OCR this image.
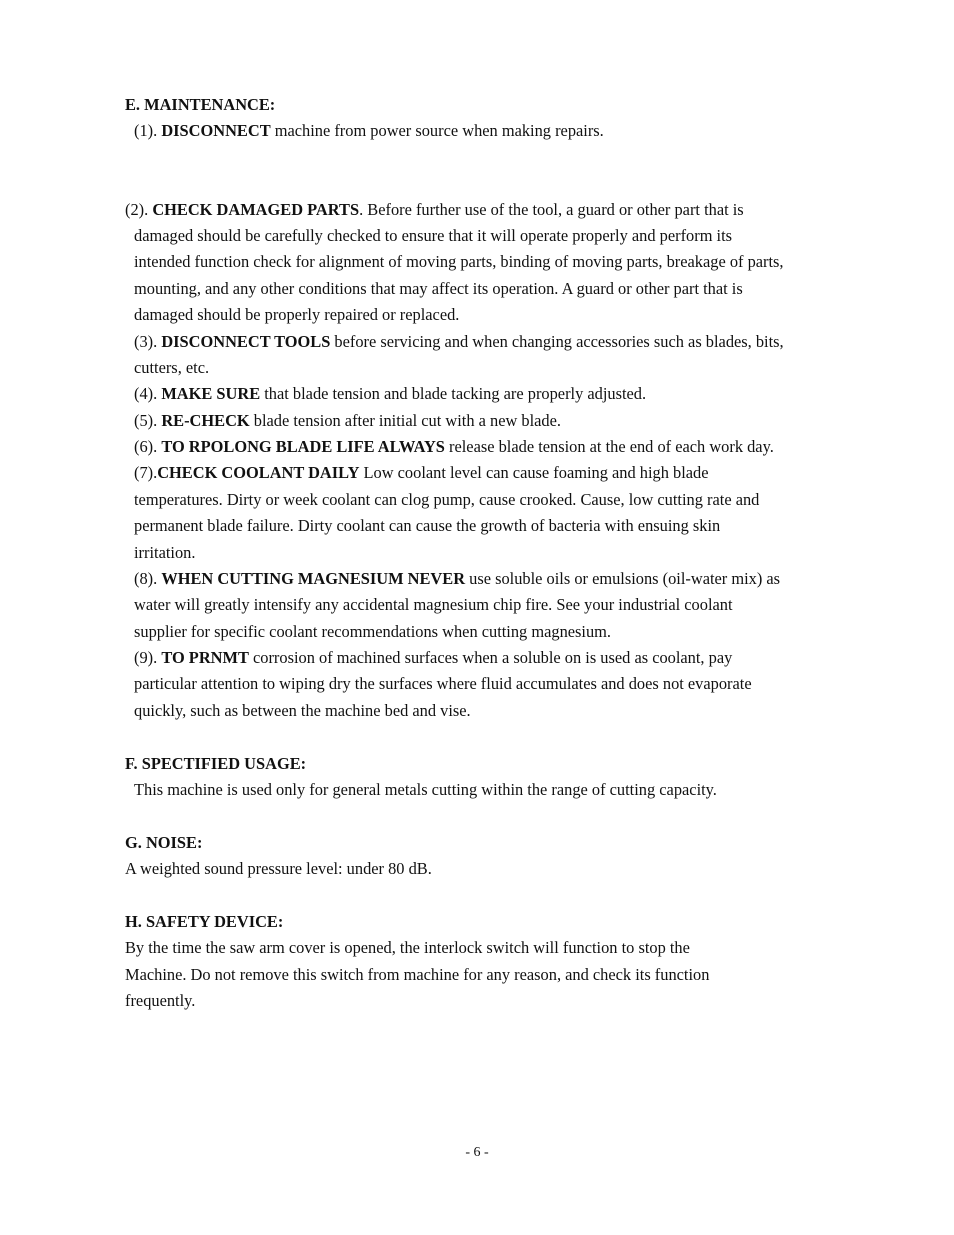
E. MAINTENANCE:
(1). DISCONNECT machine from power source when making repairs.
(2). CHECK DAMAGED PARTS. Before further use of the tool, a guard or other part that is
damaged should be carefully checked to ensure that it will operate properly and perform its
intended function check for alignment of moving parts, binding of moving parts, breakage of parts,
mounting, and any other conditions that may affect its operation. A guard or other part that is
damaged should be properly repaired or replaced.
(3). DISCONNECT TOOLS before servicing and when changing accessories such as blades, bits,
cutters, etc.
(4). MAKE SURE that blade tension and blade tacking are properly adjusted.
(5). RE-CHECK blade tension after initial cut with a new blade.
(6). TO RPOLONG BLADE LIFE ALWAYS release blade tension at the end of each work day.
(7).CHECK COOLANT DAILY Low coolant level can cause foaming and high blade
temperatures. Dirty or week coolant can clog pump, cause crooked. Cause, low cutting rate and
permanent blade failure. Dirty coolant can cause the growth of bacteria with ensuing skin
irritation.
(8). WHEN CUTTING MAGNESIUM NEVER use soluble oils or emulsions (oil-water mix) as
water will greatly intensify any accidental magnesium chip fire. See your industrial coolant
supplier for specific coolant recommendations when cutting magnesium.
(9). TO PRNMT corrosion of machined surfaces when a soluble on is used as coolant, pay
particular attention to wiping dry the surfaces where fluid accumulates and does not evaporate
quickly, such as between the machine bed and vise.
F. SPECTIFIED USAGE:
This machine is used only for general metals cutting within the range of cutting capacity.
G. NOISE:
A weighted sound pressure level: under 80 dB.
H. SAFETY DEVICE:
By the time the saw arm cover is opened, the interlock switch will function to stop the
Machine. Do not remove this switch from machine for any reason, and check its function
frequently.
- 6 -
